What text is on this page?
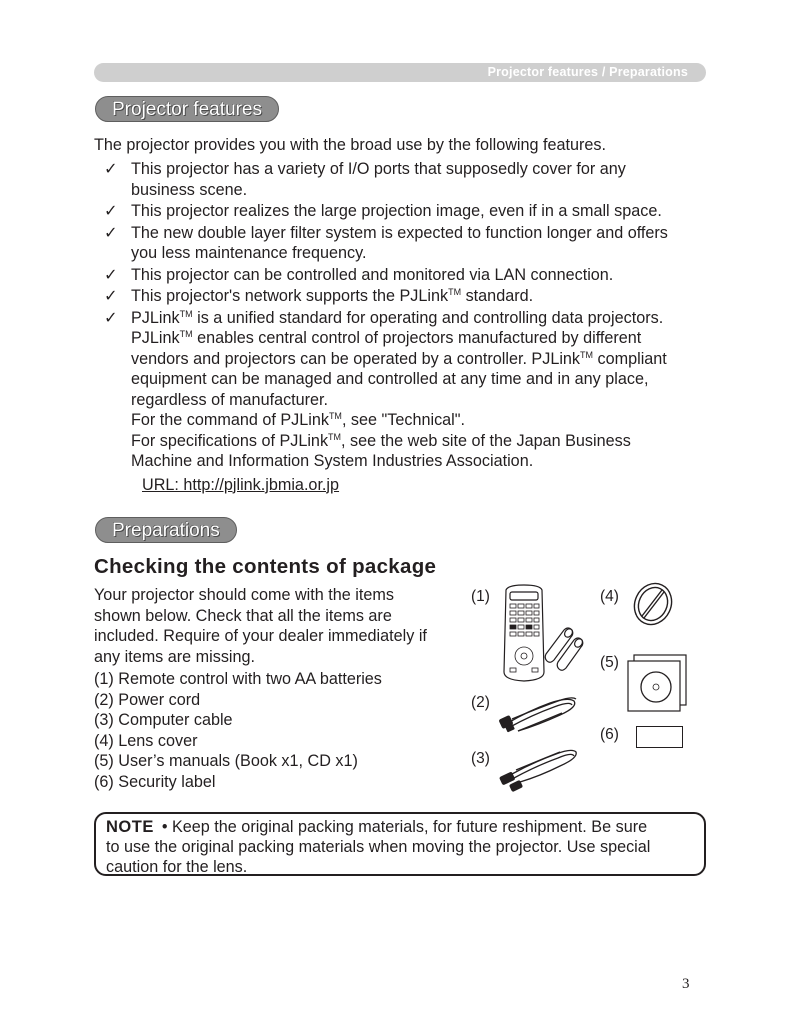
Projector features / Preparations
Projector features
The projector provides you with the broad use by the following features.
✓ This projector has a variety of I/O ports that supposedly cover for any
business scene.
✓ This projector realizes the large projection image, even if in a small space.
✓ The new double layer filter system is expected to function longer and offers
you less maintenance frequency.
✓ This projector can be controlled and monitored via LAN connection.
✓ This projector's network supports the PJLink™ standard.
✓ PJLink™ is a unified standard for operating and controlling data projectors.
PJLink™ enables central control of projectors manufactured by different
vendors and projectors can be operated by a controller. PJLink™ compliant
equipment can be managed and controlled at any time and in any place,
regardless of manufacturer.
For the command of PJLink™, see "Technical".
For specifications of PJLink™, see the web site of the Japan Business
Machine and Information System Industries Association.
URL: http://pjlink.jbmia.or.jp
Preparations
Checking the contents of package
Your projector should come with the items
shown below. Check that all the items are
included. Require of your dealer immediately if
any items are missing.
(1) Remote control with two AA batteries
(2) Power cord
(3) Computer cable
(4) Lens cover
(5) User’s manuals (Book x1, CD x1)
(6) Security label
(1)
(2)
(3)
(4)
(5)
(6)
NOTE • Keep the original packing materials, for future reshipment. Be sure
to use the original packing materials when moving the projector. Use special
caution for the lens.
3
